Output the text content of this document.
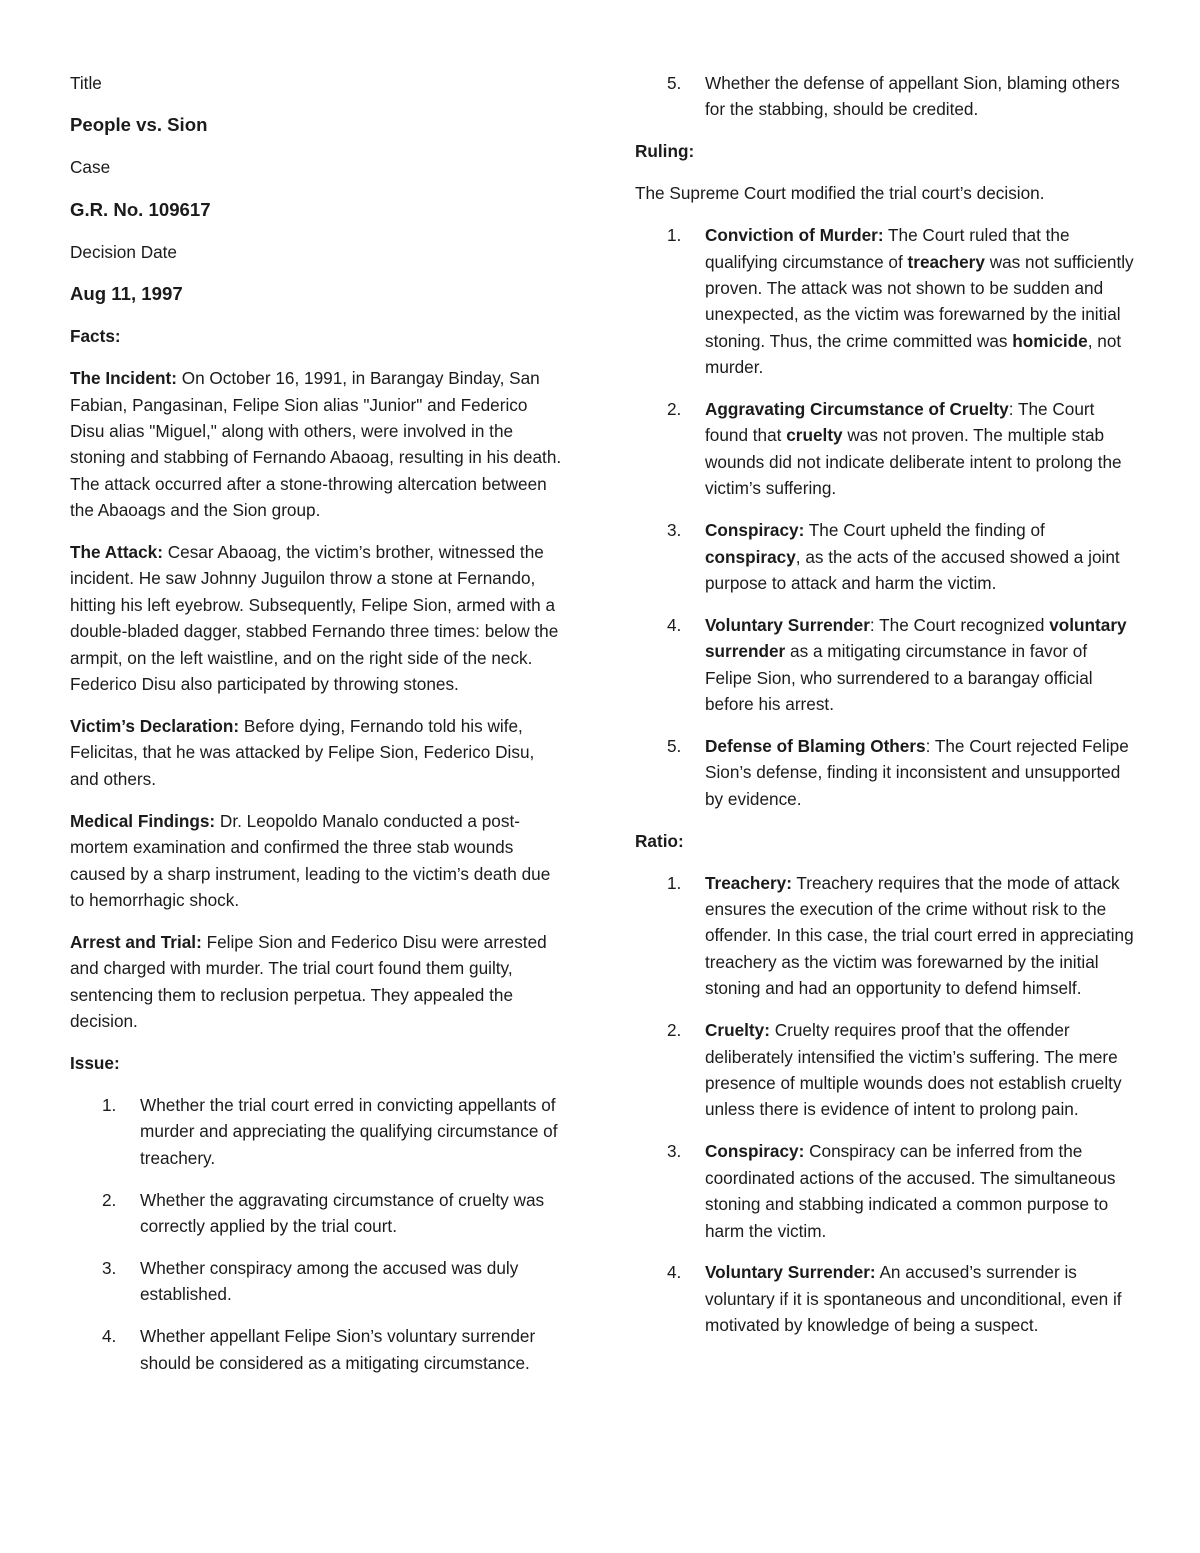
Title

People vs. Sion

Case

G.R. No. 109617

Decision Date

Aug 11, 1997

Facts:

The Incident: On October 16, 1991, in Barangay Binday, San Fabian, Pangasinan, Felipe Sion alias "Junior" and Federico Disu alias "Miguel," along with others, were involved in the stoning and stabbing of Fernando Abaoag, resulting in his death. The attack occurred after a stone-throwing altercation between the Abaoags and the Sion group.

The Attack: Cesar Abaoag, the victim’s brother, witnessed the incident. He saw Johnny Juguilon throw a stone at Fernando, hitting his left eyebrow. Subsequently, Felipe Sion, armed with a double-bladed dagger, stabbed Fernando three times: below the armpit, on the left waistline, and on the right side of the neck. Federico Disu also participated by throwing stones.

Victim’s Declaration: Before dying, Fernando told his wife, Felicitas, that he was attacked by Felipe Sion, Federico Disu, and others.

Medical Findings: Dr. Leopoldo Manalo conducted a post-mortem examination and confirmed the three stab wounds caused by a sharp instrument, leading to the victim’s death due to hemorrhagic shock.

Arrest and Trial: Felipe Sion and Federico Disu were arrested and charged with murder. The trial court found them guilty, sentencing them to reclusion perpetua. They appealed the decision.

Issue:

1. Whether the trial court erred in convicting appellants of murder and appreciating the qualifying circumstance of treachery.
2. Whether the aggravating circumstance of cruelty was correctly applied by the trial court.
3. Whether conspiracy among the accused was duly established.
4. Whether appellant Felipe Sion’s voluntary surrender should be considered as a mitigating circumstance.
5. Whether the defense of appellant Sion, blaming others for the stabbing, should be credited.

Ruling:

The Supreme Court modified the trial court’s decision.

1. Conviction of Murder: The Court ruled that the qualifying circumstance of treachery was not sufficiently proven. The attack was not shown to be sudden and unexpected, as the victim was forewarned by the initial stoning. Thus, the crime committed was homicide, not murder.
2. Aggravating Circumstance of Cruelty: The Court found that cruelty was not proven. The multiple stab wounds did not indicate deliberate intent to prolong the victim’s suffering.
3. Conspiracy: The Court upheld the finding of conspiracy, as the acts of the accused showed a joint purpose to attack and harm the victim.
4. Voluntary Surrender: The Court recognized voluntary surrender as a mitigating circumstance in favor of Felipe Sion, who surrendered to a barangay official before his arrest.
5. Defense of Blaming Others: The Court rejected Felipe Sion’s defense, finding it inconsistent and unsupported by evidence.

Ratio:

1. Treachery: Treachery requires that the mode of attack ensures the execution of the crime without risk to the offender. In this case, the trial court erred in appreciating treachery as the victim was forewarned by the initial stoning and had an opportunity to defend himself.
2. Cruelty: Cruelty requires proof that the offender deliberately intensified the victim’s suffering. The mere presence of multiple wounds does not establish cruelty unless there is evidence of intent to prolong pain.
3. Conspiracy: Conspiracy can be inferred from the coordinated actions of the accused. The simultaneous stoning and stabbing indicated a common purpose to harm the victim.
4. Voluntary Surrender: An accused’s surrender is voluntary if it is spontaneous and unconditional, even if motivated by knowledge of being a suspect.
